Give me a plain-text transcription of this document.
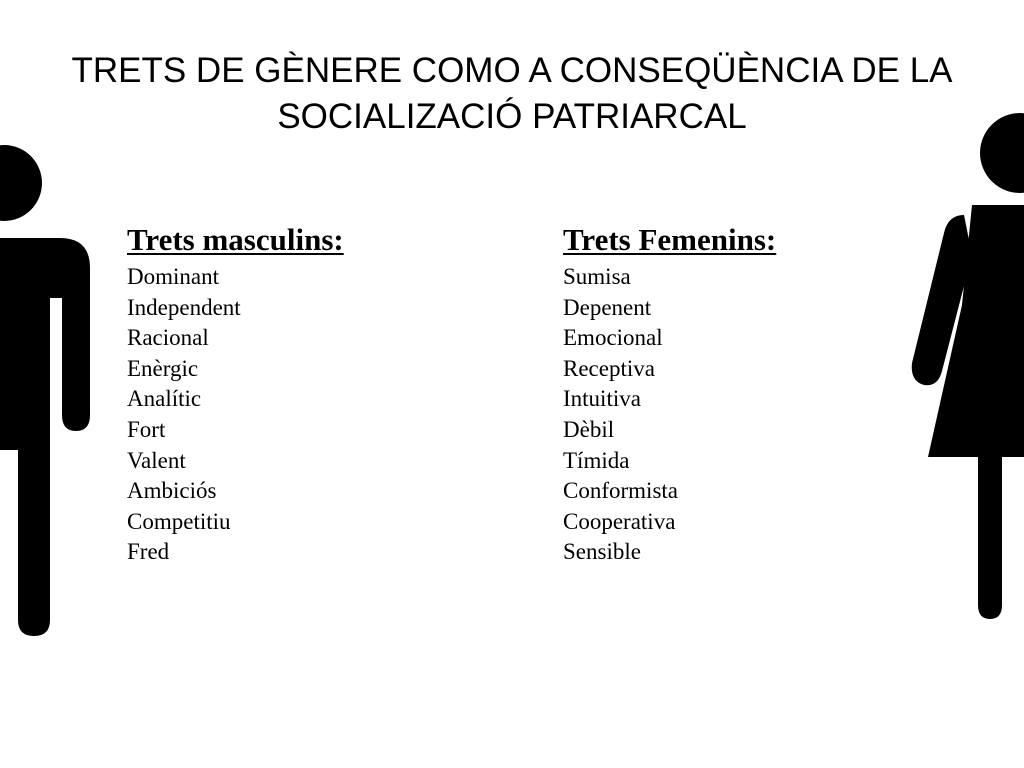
TRETS DE GÈNERE COMO A CONSEQÜÈNCIA DE LA
SOCIALIZACIÓ PATRIARCAL
Trets masculins:
Dominant
Independent
Racional
Enèrgic
Analític
Fort
Valent
Ambiciós
Competitiu
Fred
Trets Femenins:
Sumisa
Depenent
Emocional
Receptiva
Intuitiva
Dèbil
Tímida
Conformista
Cooperativa
Sensible
